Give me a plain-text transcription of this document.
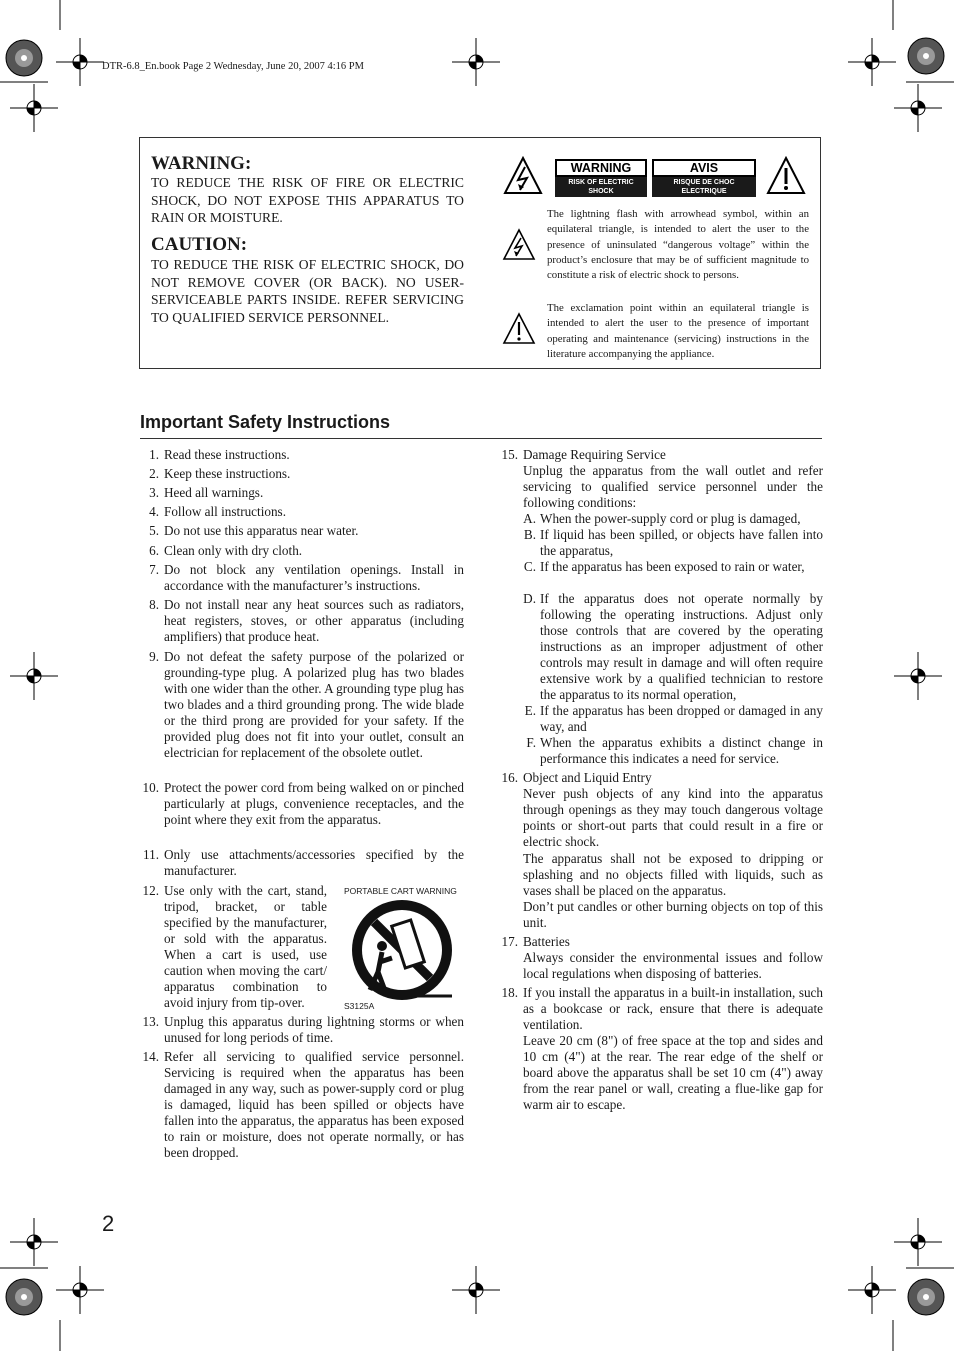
DTR-6.8_En.book Page 2 Wednesday, June 20, 2007 4:16 PM
WARNING:
TO REDUCE THE RISK OF FIRE OR ELECTRIC SHOCK, DO NOT EXPOSE THIS APPARATUS TO RAIN OR MOISTURE.
CAUTION:
TO REDUCE THE RISK OF ELECTRIC SHOCK, DO NOT REMOVE COVER (OR BACK). NO USER-SERVICEABLE PARTS INSIDE. REFER SERVICING TO QUALIFIED SERVICE PERSONNEL.
WARNING
RISK OF ELECTRIC SHOCK
DO NOT OPEN
AVIS
RISQUE DE CHOC ELECTRIQUE
NE PAS OUVRIR
The lightning flash with arrowhead symbol, within an equilateral triangle, is intended to alert the user to the presence of uninsulated “dangerous voltage” within the product’s enclosure that may be of sufficient magnitude to constitute a risk of electric shock to persons.
The exclamation point within an equilateral triangle is intended to alert the user to the presence of important operating and maintenance (servicing) instructions in the literature accompanying the appliance.
Important Safety Instructions
1. Read these instructions.
2. Keep these instructions.
3. Heed all warnings.
4. Follow all instructions.
5. Do not use this apparatus near water.
6. Clean only with dry cloth.
7. Do not block any ventilation openings. Install in accordance with the manufacturer’s instructions.
8. Do not install near any heat sources such as radiators, heat registers, stoves, or other apparatus (including amplifiers) that produce heat.
9. Do not defeat the safety purpose of the polarized or grounding-type plug. A polarized plug has two blades with one wider than the other. A grounding type plug has two blades and a third grounding prong. The wide blade or the third prong are provided for your safety. If the provided plug does not fit into your outlet, consult an electrician for replacement of the obsolete outlet.
10. Protect the power cord from being walked on or pinched particularly at plugs, convenience receptacles, and the point where they exit from the apparatus.
11. Only use attachments/accessories specified by the manufacturer.
12. Use only with the cart, stand, tripod, bracket, or table specified by the manufacturer, or sold with the apparatus. When a cart is used, use caution when moving the cart/ apparatus combination to avoid injury from tip-over.
13. Unplug this apparatus during lightning storms or when unused for long periods of time.
14. Refer all servicing to qualified service personnel. Servicing is required when the apparatus has been damaged in any way, such as power-supply cord or plug is damaged, liquid has been spilled or objects have fallen into the apparatus, the apparatus has been exposed to rain or moisture, does not operate normally, or has been dropped.
PORTABLE CART WARNING
S3125A
15. Damage Requiring Service
Unplug the apparatus from the wall outlet and refer servicing to qualified service personnel under the following conditions:
A. When the power-supply cord or plug is damaged,
B. If liquid has been spilled, or objects have fallen into the apparatus,
C. If the apparatus has been exposed to rain or water,
D. If the apparatus does not operate normally by following the operating instructions. Adjust only those controls that are covered by the operating instructions as an improper adjustment of other controls may result in damage and will often require extensive work by a qualified technician to restore the apparatus to its normal operation,
E. If the apparatus has been dropped or damaged in any way, and
F. When the apparatus exhibits a distinct change in performance this indicates a need for service.
16. Object and Liquid Entry
Never push objects of any kind into the apparatus through openings as they may touch dangerous voltage points or short-out parts that could result in a fire or electric shock.
The apparatus shall not be exposed to dripping or splashing and no objects filled with liquids, such as vases shall be placed on the apparatus.
Don’t put candles or other burning objects on top of this unit.
17. Batteries
Always consider the environmental issues and follow local regulations when disposing of batteries.
18. If you install the apparatus in a built-in installation, such as a bookcase or rack, ensure that there is adequate ventilation.
Leave 20 cm (8") of free space at the top and sides and 10 cm (4") at the rear. The rear edge of the shelf or board above the apparatus shall be set 10 cm (4") away from the rear panel or wall, creating a flue-like gap for warm air to escape.
2
